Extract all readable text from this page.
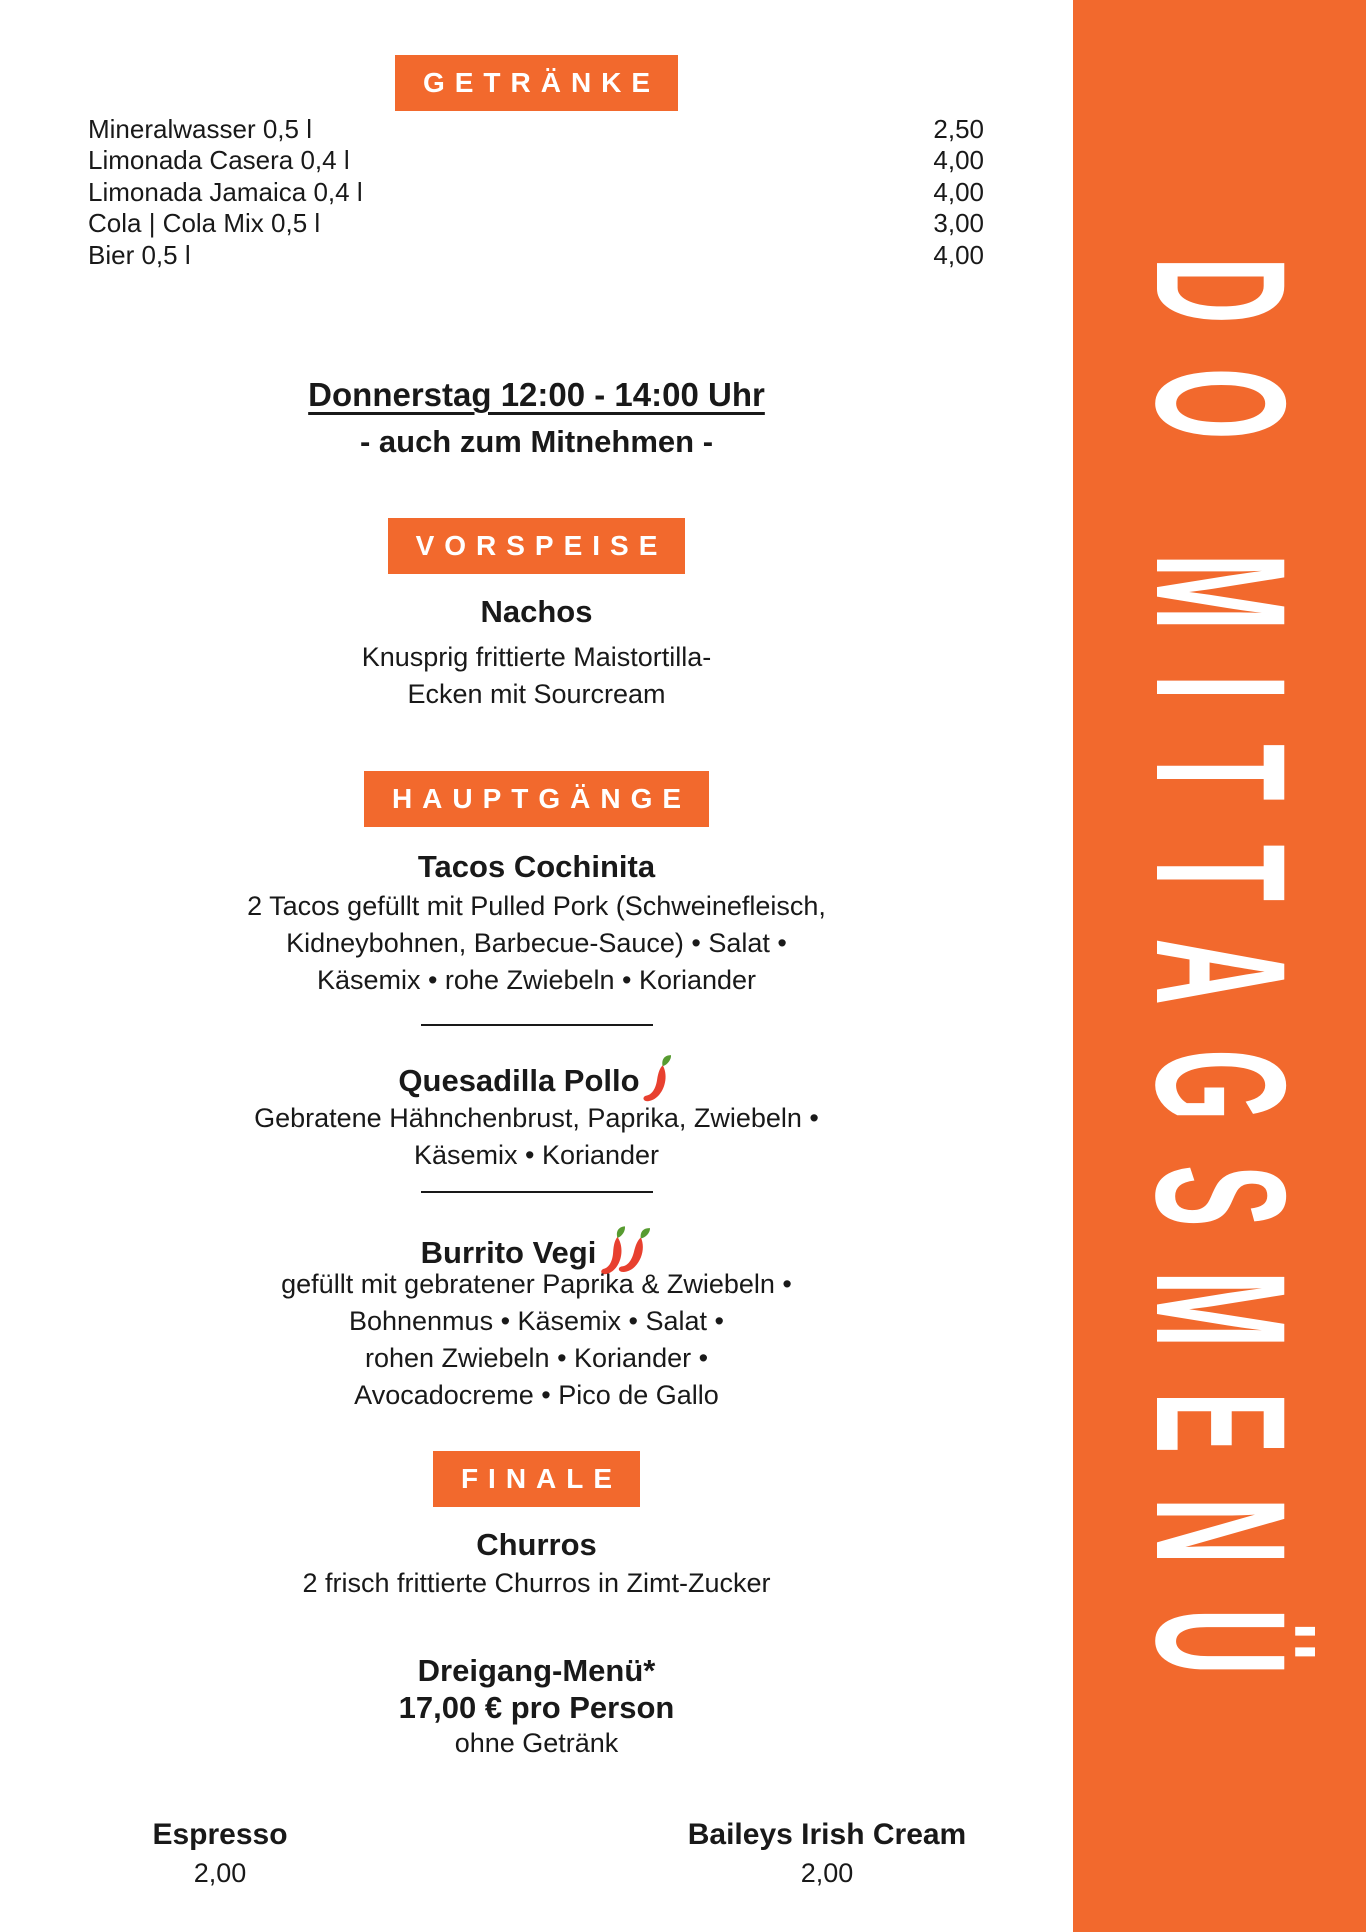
GETRÄNKE
Mineralwasser 0,5 l	2,50
Limonada Casera 0,4 l	4,00
Limonada Jamaica 0,4 l	4,00
Cola | Cola Mix 0,5 l	3,00
Bier 0,5 l	4,00
Donnerstag 12:00 - 14:00 Uhr
- auch zum Mitnehmen -
VORSPEISE
Nachos
Knusprig frittierte Maistortilla-
Ecken mit Sourcream
HAUPTGÄNGE
Tacos Cochinita
2 Tacos gefüllt mit Pulled Pork (Schweinefleisch,
Kidneybohnen, Barbecue-Sauce) • Salat •
Käsemix • rohe Zwiebeln • Koriander
Quesadilla Pollo
Gebratene Hähnchenbrust, Paprika, Zwiebeln •
Käsemix • Koriander
Burrito Vegi
gefüllt mit gebratener Paprika & Zwiebeln •
Bohnenmus • Käsemix • Salat •
rohen Zwiebeln • Koriander •
Avocadocreme • Pico de Gallo
FINALE
Churros
2 frisch frittierte Churros in Zimt-Zucker
Dreigang-Menü*
17,00 € pro Person
ohne Getränk
Espresso
2,00
Baileys Irish Cream
2,00
DO MITTAGSMENÜ
